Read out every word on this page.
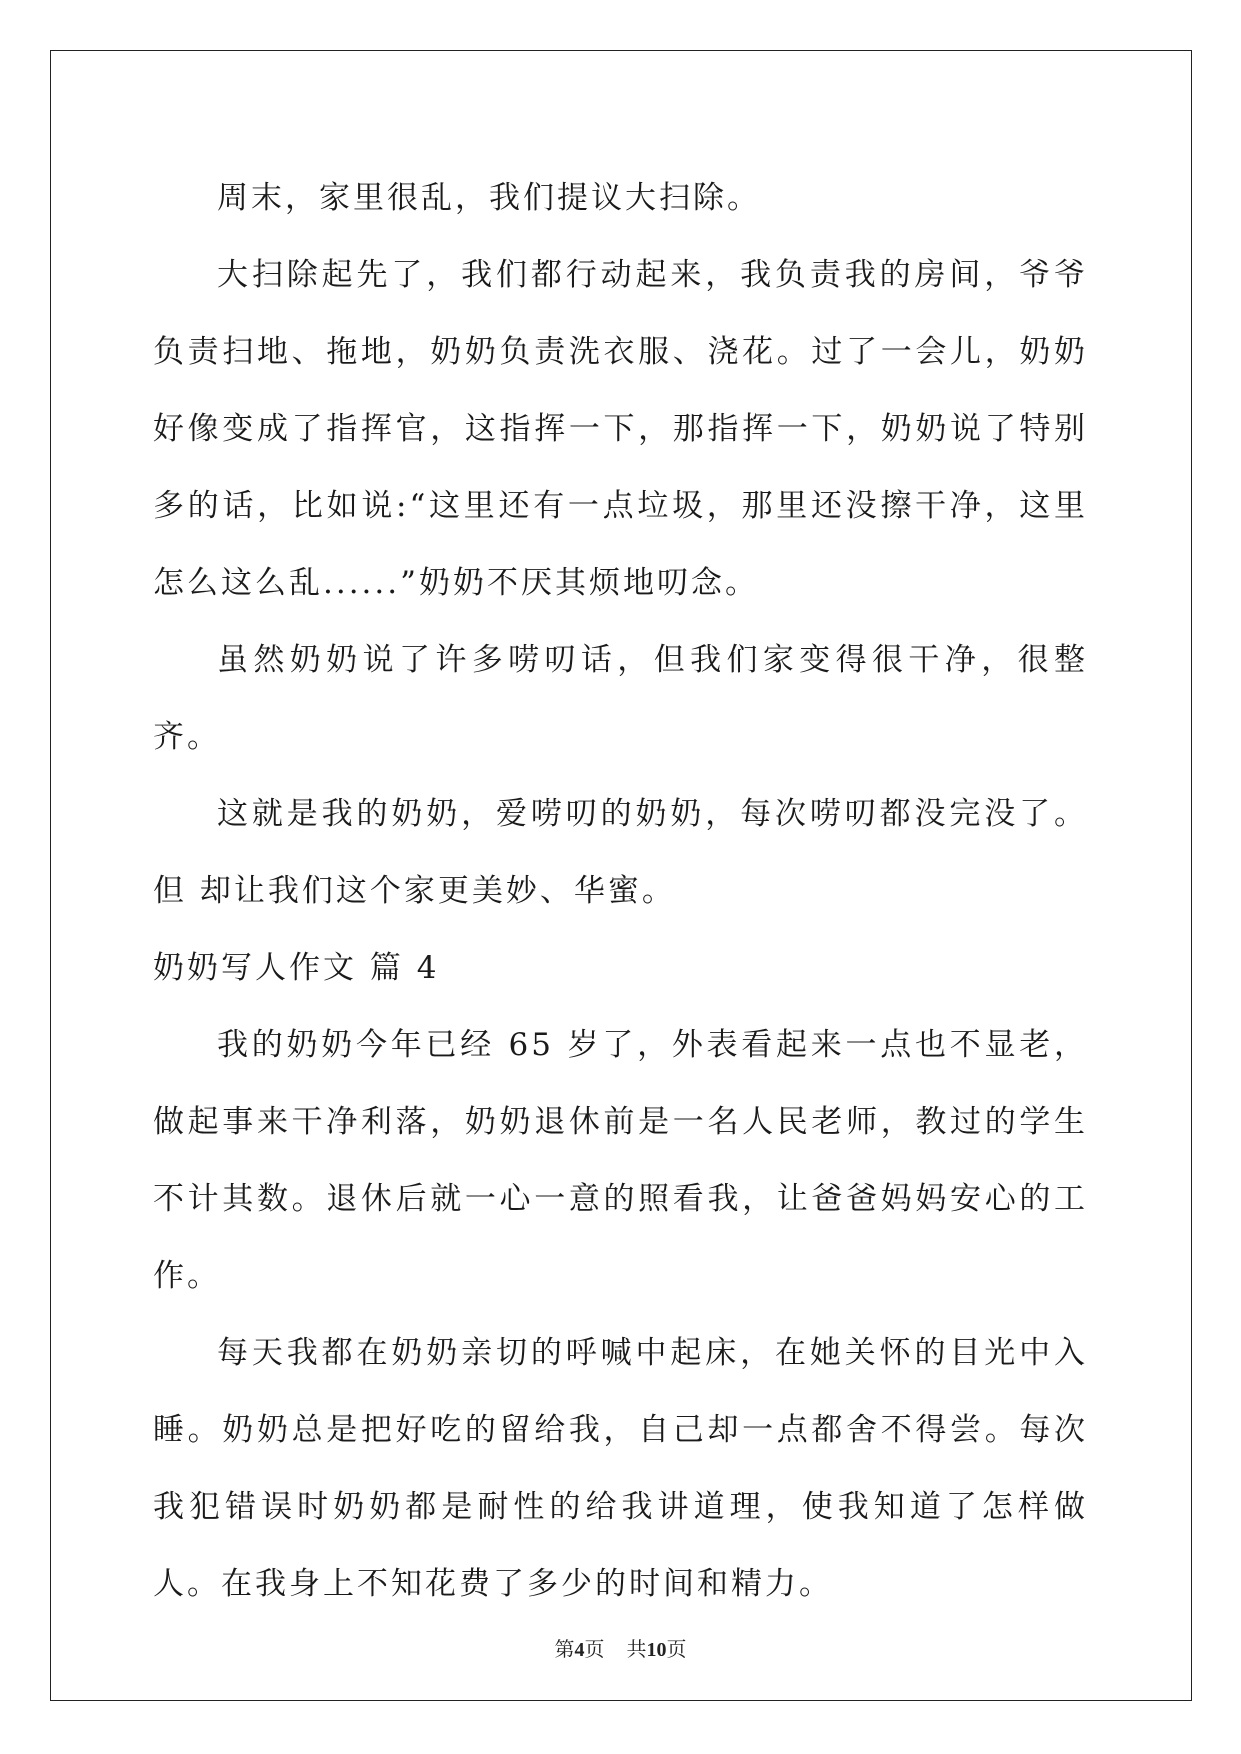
周末，家里很乱，我们提议大扫除。

大扫除起先了，我们都行动起来，我负责我的房间，爷爷负责扫地、拖地，奶奶负责洗衣服、浇花。过了一会儿，奶奶好像变成了指挥官，这指挥一下，那指挥一下，奶奶说了特别多的话，比如说:“这里还有一点垃圾，那里还没擦干净，这里怎么这么乱......”奶奶不厌其烦地叨念。

虽然奶奶说了许多唠叨话，但我们家变得很干净，很整齐。

这就是我的奶奶，爱唠叨的奶奶，每次唠叨都没完没了。但 却让我们这个家更美妙、华蜜。

奶奶写人作文 篇 4

我的奶奶今年已经 65 岁了，外表看起来一点也不显老，做起事来干净利落，奶奶退休前是一名人民老师，教过的学生不计其数。退休后就一心一意的照看我，让爸爸妈妈安心的工作。

每天我都在奶奶亲切的呼喊中起床，在她关怀的目光中入睡。奶奶总是把好吃的留给我，自己却一点都舍不得尝。每次我犯错误时奶奶都是耐性的给我讲道理，使我知道了怎样做人。在我身上不知花费了多少的时间和精力。

第4页 共10页
